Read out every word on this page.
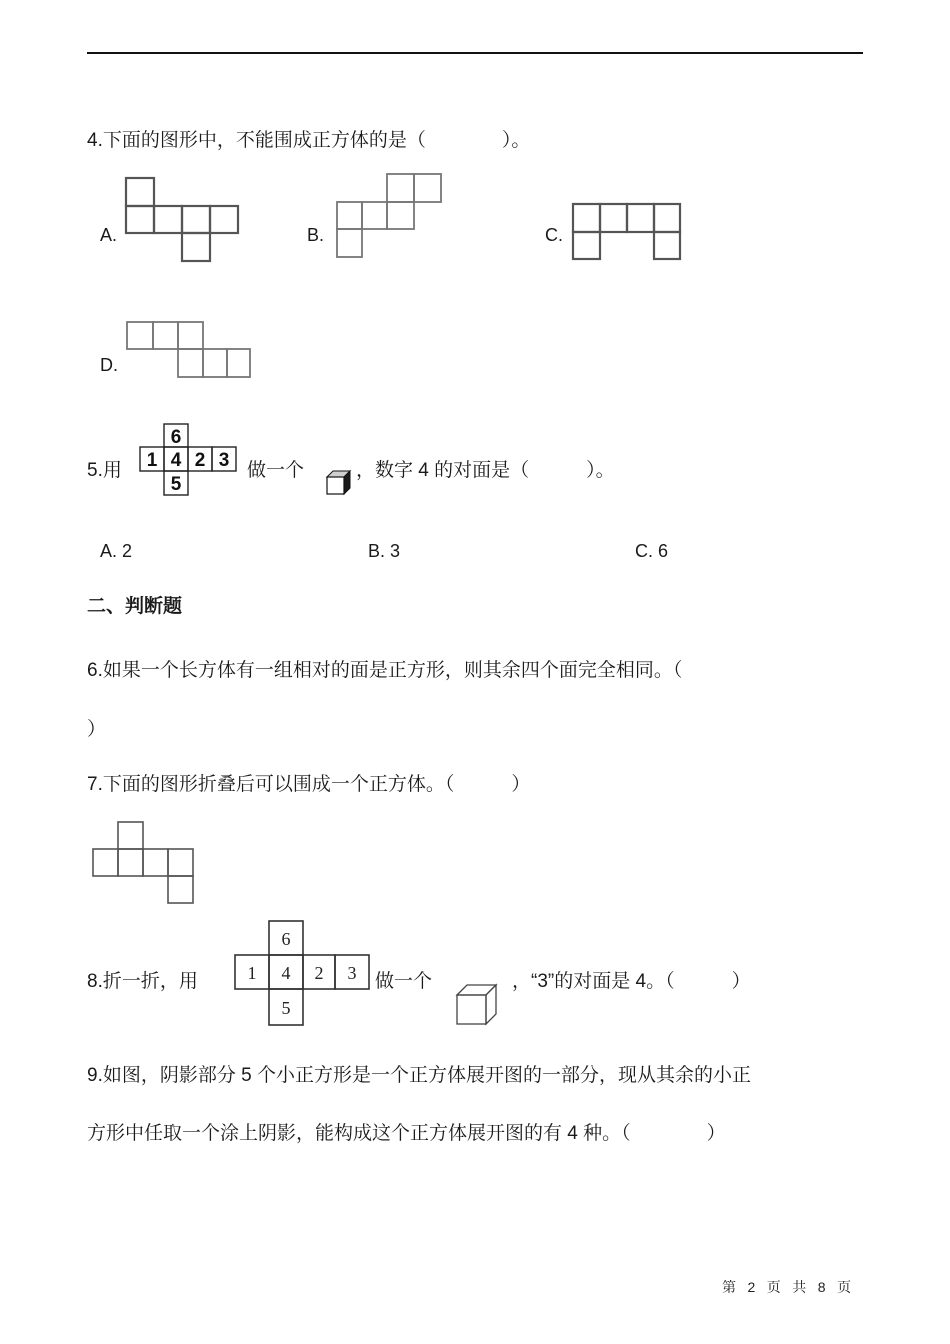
4.下面的图形中，不能围成正方体的是（　　　　）。
A.	B.	C.
D.
5.用
6
1 4 2 3
5
做一个	，数字 4 的对面是（　　　）。
A. 2	B. 3	C. 6
二、判断题
6.如果一个长方体有一组相对的面是正方形，则其余四个面完全相同。（
）
7.下面的图形折叠后可以围成一个正方体。（　　　）
8.折一折，用
6
1 4 2 3
5
做一个	，“3”的对面是 4。（　　　）
9.如图，阴影部分 5 个小正方形是一个正方体展开图的一部分，现从其余的小正
方形中任取一个涂上阴影，能构成这个正方体展开图的有 4 种。（　　　　）
第 2 页 共 8 页
